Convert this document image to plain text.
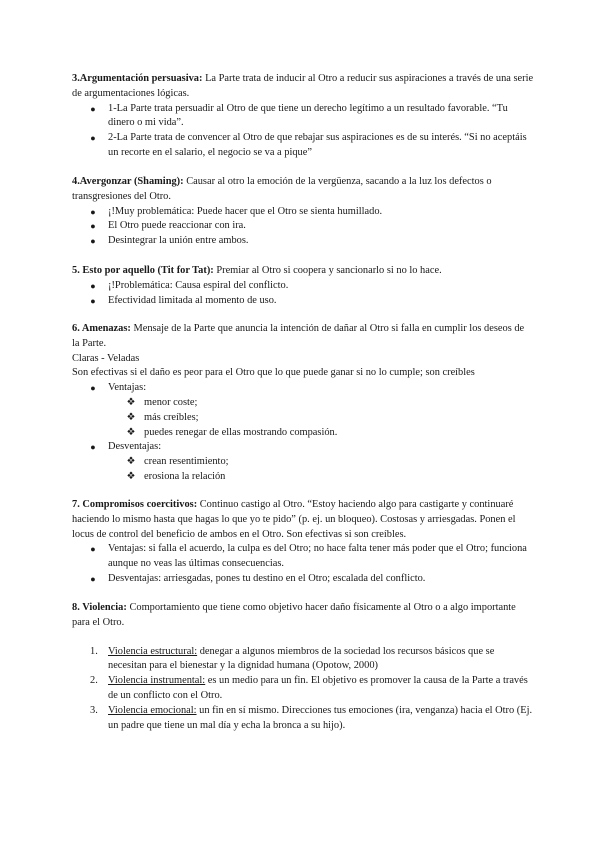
3.Argumentación persuasiva: La Parte trata de inducir al Otro a reducir sus aspiraciones a través de una serie de argumentaciones lógicas.

● 1-La Parte trata persuadir al Otro de que tiene un derecho legítimo a un resultado favorable. “Tu dinero o mi vida”.
● 2-La Parte trata de convencer al Otro de que rebajar sus aspiraciones es de su interés. “Si no aceptáis un recorte en el salario, el negocio se va a pique”

4.Avergonzar (Shaming): Causar al otro la emoción de la vergüenza, sacando a la luz los defectos o transgresiones del Otro.

● ¡!Muy problemática: Puede hacer que el Otro se sienta humillado.
● El Otro puede reaccionar con ira.
● Desintegrar la unión entre ambos.

5. Esto por aquello (Tit for Tat): Premiar al Otro si coopera y sancionarlo si no lo hace.

● ¡!Problemática: Causa espiral del conflicto.
● Efectividad limitada al momento de uso.

6. Amenazas: Mensaje de la Parte que anuncia la intención de dañar al Otro si falla en cumplir los deseos de la Parte.

Claras - Veladas

Son efectivas si el daño es peor para el Otro que lo que puede ganar si no lo cumple; son creíbles

● Ventajas:
❖ menor coste;
❖ más creíbles;
❖ puedes renegar de ellas mostrando compasión.
● Desventajas:
❖ crean resentimiento;
❖ erosiona la relación

7. Compromisos coercitivos: Continuo castigo al Otro. “Estoy haciendo algo para castigarte y continuaré haciendo lo mismo hasta que hagas lo que yo te pido” (p. ej. un bloqueo). Costosas y arriesgadas. Ponen el locus de control del beneficio de ambos en el Otro. Son efectivas si son creíbles.

● Ventajas: si falla el acuerdo, la culpa es del Otro; no hace falta tener más poder que el Otro; funciona aunque no veas las últimas consecuencias.
● Desventajas: arriesgadas, pones tu destino en el Otro; escalada del conflicto.

8. Violencia: Comportamiento que tiene como objetivo hacer daño físicamente al Otro o a algo importante para el Otro.

1. Violencia estructural: denegar a algunos miembros de la sociedad los recursos básicos que se necesitan para el bienestar y la dignidad humana (Opotow, 2000)
2. Violencia instrumental: es un medio para un fin. El objetivo es promover la causa de la Parte a través de un conflicto con el Otro.
3. Violencia emocional: un fin en sí mismo. Direcciones tus emociones (ira, venganza) hacia el Otro (Ej. un padre que tiene un mal día y echa la bronca a su hijo).
